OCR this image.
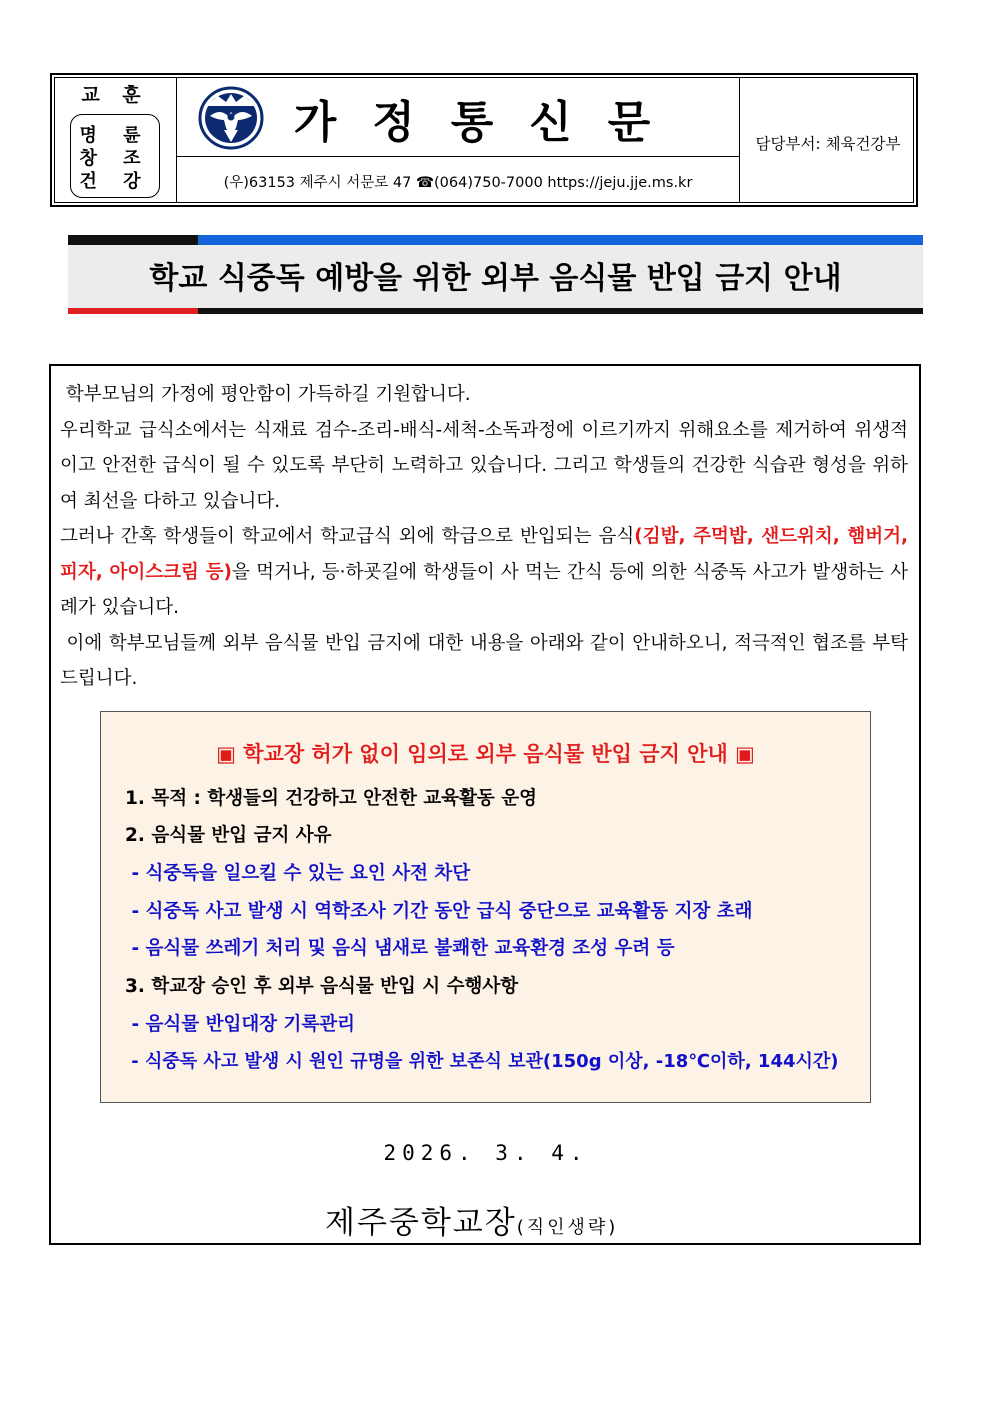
교 훈
명 륜
창 조
건 강
가정통신문
(우)63153 제주시 서문로 47 ☎(064)750-7000 https://jeju.jje.ms.kr
담당부서: 체육건강부
학교 식중독 예방을 위한 외부 음식물 반입 금지 안내

학부모님의 가정에 평안함이 가득하길 기원합니다.

우리학교 급식소에서는 식재료 검수-조리-배식-세척-소독과정에 이르기까지 위해요소를 제거하여 위생적이고 안전한 급식이 될 수 있도록 부단히 노력하고 있습니다. 그리고 학생들의 건강한 식습관 형성을 위하여 최선을 다하고 있습니다.

그러나 간혹 학생들이 학교에서 학교급식 외에 학급으로 반입되는 음식(김밥, 주먹밥, 샌드위치, 햄버거, 피자, 아이스크림 등)을 먹거나, 등·하굣길에 학생들이 사 먹는 간식 등에 의한 식중독 사고가 발생하는 사례가 있습니다.

이에 학부모님들께 외부 음식물 반입 금지에 대한 내용을 아래와 같이 안내하오니, 적극적인 협조를 부탁드립니다.

▣ 학교장 허가 없이 임의로 외부 음식물 반입 금지 안내 ▣
1. 목적 : 학생들의 건강하고 안전한 교육활동 운영
2. 음식물 반입 금지 사유
- 식중독을 일으킬 수 있는 요인 사전 차단
- 식중독 사고 발생 시 역학조사 기간 동안 급식 중단으로 교육활동 지장 초래
- 음식물 쓰레기 처리 및 음식 냄새로 불쾌한 교육환경 조성 우려 등
3. 학교장 승인 후 외부 음식물 반입 시 수행사항
- 음식물 반입대장 기록관리
- 식중독 사고 발생 시 원인 규명을 위한 보존식 보관(150g 이상, -18℃이하, 144시간)
2026. 3. 4.
제주중학교장(직인생략)
